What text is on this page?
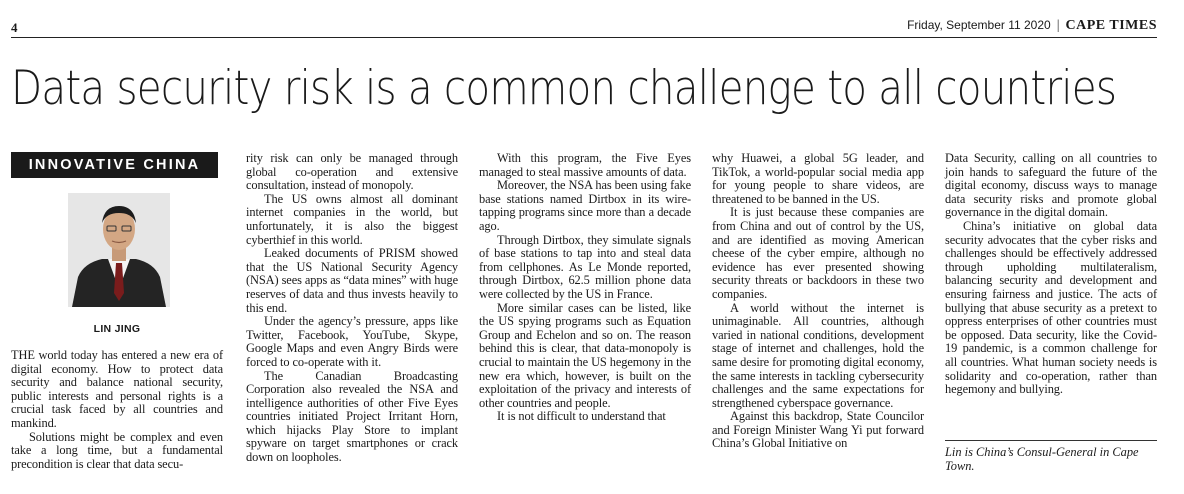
4	Friday, September 11 2020 | CAPE TIMES
Data security risk is a common challenge to all countries
INNOVATIVE CHINA
LIN JING

THE world today has entered a new era of digital economy. How to protect data security and balance national security, public interests and personal rights is a crucial task faced by all countries and mankind.

Solutions might be complex and even take a long time, but a fundamental precondition is clear that data secu-

rity risk can only be managed through global co-operation and extensive consultation, instead of monopoly.

The US owns almost all dominant internet companies in the world, but unfortunately, it is also the biggest cyberthief in this world.

Leaked documents of PRISM showed that the US National Security Agency (NSA) sees apps as “data mines” with huge reserves of data and thus invests heavily to this end.

Under the agency’s pressure, apps like Twitter, Facebook, YouTube, Skype, Google Maps and even Angry Birds were forced to co-operate with it.

The Canadian Broadcasting Corporation also revealed the NSA and intelligence authorities of other Five Eyes countries initiated Project Irritant Horn, which hijacks Play Store to implant spyware on target smartphones or crack down on loopholes.

With this program, the Five Eyes managed to steal massive amounts of data.

Moreover, the NSA has been using fake base stations named Dirtbox in its wire-tapping programs since more than a decade ago.

Through Dirtbox, they simulate signals of base stations to tap into and steal data from cellphones. As Le Monde reported, through Dirtbox, 62.5 million phone data were collected by the US in France.

More similar cases can be listed, like the US spying programs such as Equation Group and Echelon and so on. The reason behind this is clear, that data-monopoly is crucial to maintain the US hegemony in the new era which, however, is built on the exploitation of the privacy and interests of other countries and people.

It is not difficult to understand that

why Huawei, a global 5G leader, and TikTok, a world-popular social media app for young people to share videos, are threatened to be banned in the US.

It is just because these companies are from China and out of control by the US, and are identified as moving American cheese of the cyber empire, although no evidence has ever presented showing security threats or backdoors in these two companies.

A world without the internet is unimaginable. All countries, although varied in national conditions, development stage of internet and challenges, hold the same desire for promoting digital economy, the same interests in tackling cybersecurity challenges and the same expectations for strengthened cyberspace governance.

Against this backdrop, State Councilor and Foreign Minister Wang Yi put forward China’s Global Initiative on

Data Security, calling on all countries to join hands to safeguard the future of the digital economy, discuss ways to manage data security risks and promote global governance in the digital domain.

China’s initiative on global data security advocates that the cyber risks and challenges should be effectively addressed through upholding multilateralism, balancing security and development and ensuring fairness and justice. The acts of bullying that abuse security as a pretext to oppress enterprises of other countries must be opposed. Data security, like the Covid-19 pandemic, is a common challenge for all countries. What human society needs is solidarity and co-operation, rather than hegemony and bullying.

Lin is China’s Consul-General in Cape Town.
